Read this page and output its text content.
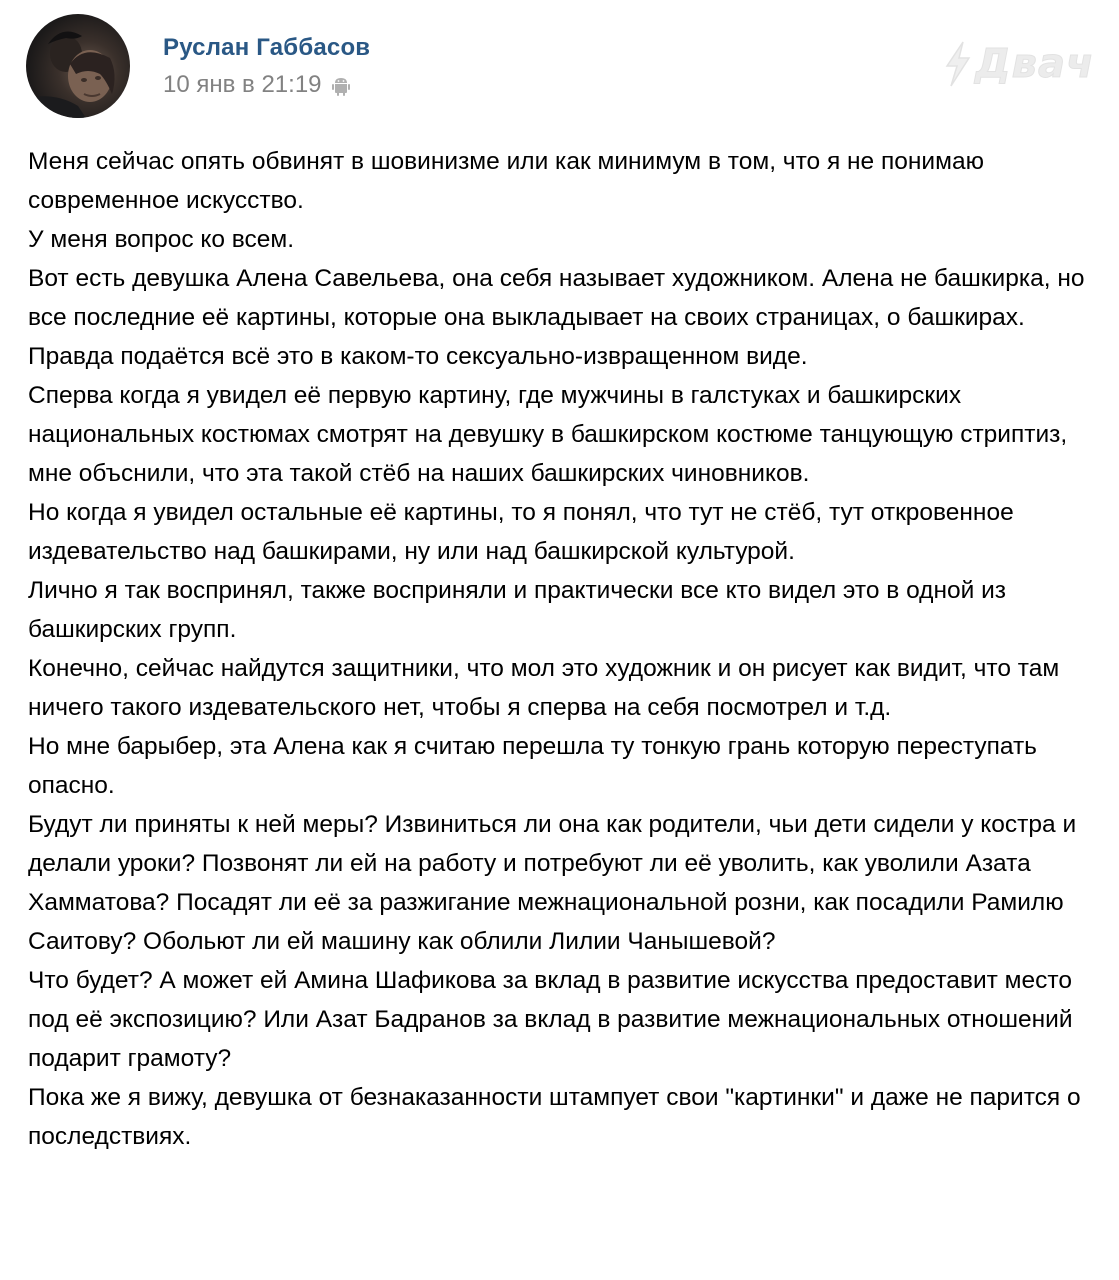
Руслан Габбасов
10 янв в 21:19	Двач

Меня сейчас опять обвинят в шовинизме или как минимум в том, что я не понимаю современное искусство.

У меня вопрос ко всем.

Вот есть девушка Алена Савельева, она себя называет художником. Алена не башкирка, но все последние её картины, которые она выкладывает на своих страницах, о башкирах.

Правда подаётся всё это в каком-то сексуально-извращенном виде.

Сперва когда я увидел её первую картину, где мужчины в галстуках и башкирских национальных костюмах смотрят на девушку в башкирском костюме танцующую стриптиз, мне объснили, что эта такой стёб на наших башкирских чиновников.

Но когда я увидел остальные её картины, то я понял, что тут не стёб, тут откровенное издевательство над башкирами, ну или над башкирской культурой.

Лично я так воспринял, также восприняли и практически все кто видел это в одной из башкирских групп.

Конечно, сейчас найдутся защитники, что мол это художник и он рисует как видит, что там ничего такого издевательского нет, чтобы я сперва на себя посмотрел и т.д.

Но мне барыбер, эта Алена как я считаю перешла ту тонкую грань которую переступать опасно.

Будут ли приняты к ней меры? Извиниться ли она как родители, чьи дети сидели у костра и делали уроки? Позвонят ли ей на работу и потребуют ли её уволить, как уволили Азата Хамматова? Посадят ли её за разжигание межнациональной розни, как посадили Рамилю Саитову? Обольют ли ей машину как облили Лилии Чанышевой?

Что будет? А может ей Амина Шафикова за вклад в развитие искусства предоставит место под её экспозицию? Или Азат Бадранов за вклад в развитие межнациональных отношений подарит грамоту?

Пока же я вижу, девушка от безнаказанности штампует свои "картинки" и даже не парится о последствиях.
